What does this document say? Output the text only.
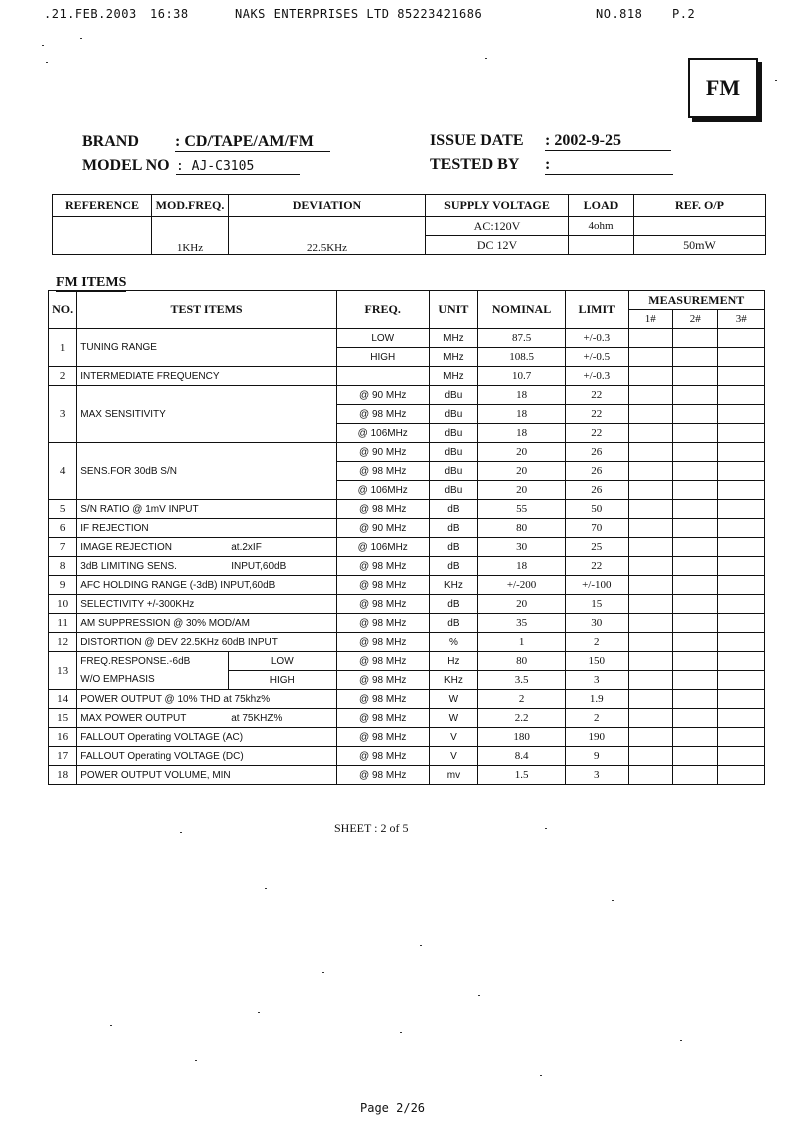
.21.FEB.2003 16:38	NAKS ENTERPRISES LTD 85223421686	NO.818 P.2
FM
BRAND : CD/TAPE/AM/FM
MODEL NO : AJ-C3105
ISSUE DATE : 2002-9-25
TESTED BY :
REFERENCE	MOD.FREQ.	DEVIATION	SUPPLY VOLTAGE	LOAD	REF. O/P
	1KHz	22.5KHz	AC:120V	4ohm	
			DC 12V		50mW
FM ITEMS
NO.	TEST ITEMS		FREQ.	UNIT	NOMINAL	LIMIT	MEASUREMENT		
							1#	2#	3#
1	TUNING RANGE		LOW	MHz	87.5	+/-0.3			
			HIGH	MHz	108.5	+/-0.5			
2	INTERMEDIATE FREQUENCY			MHz	10.7	+/-0.3			
3	MAX SENSITIVITY		@ 90 MHz	dBu	18	22			
			@ 98 MHz	dBu	18	22			
			@ 106MHz	dBu	18	22			
4	SENS.FOR 30dB S/N		@ 90 MHz	dBu	20	26			
			@ 98 MHz	dBu	20	26			
			@ 106MHz	dBu	20	26			
5	S/N RATIO @ 1mV INPUT		@ 98 MHz	dB	55	50			
6	IF REJECTION		@ 90 MHz	dB	80	70			
7	IMAGE REJECTION	at.2xIF	@ 106MHz	dB	30	25			
8	3dB LIMITING SENS.	INPUT,60dB	@ 98 MHz	dB	18	22			
9	AFC HOLDING RANGE (-3dB) INPUT,60dB		@ 98 MHz	KHz	+/-200	+/-100			
10	SELECTIVITY +/-300KHz		@ 98 MHz	dB	20	15			
11	AM SUPPRESSION @ 30% MOD/AM		@ 98 MHz	dB	35	30			
12	DISTORTION @ DEV 22.5KHz 60dB INPUT		@ 98 MHz	%	1	2			
13	FREQ.RESPONSE.-6dB	LOW	@ 98 MHz	Hz	80	150			
	W/O EMPHASIS	HIGH	@ 98 MHz	KHz	3.5	3			
14	POWER OUTPUT @ 10% THD at 75khz%		@ 98 MHz	W	2	1.9			
15	MAX POWER OUTPUT	at 75KHZ%	@ 98 MHz	W	2.2	2			
16	FALLOUT Operating VOLTAGE (AC)		@ 98 MHz	V	180	190			
17	FALLOUT Operating VOLTAGE (DC)		@ 98 MHz	V	8.4	9			
18	POWER OUTPUT VOLUME, MIN		@ 98 MHz	mv	1.5	3			
SHEET : 2 of 5
Page 2/26
